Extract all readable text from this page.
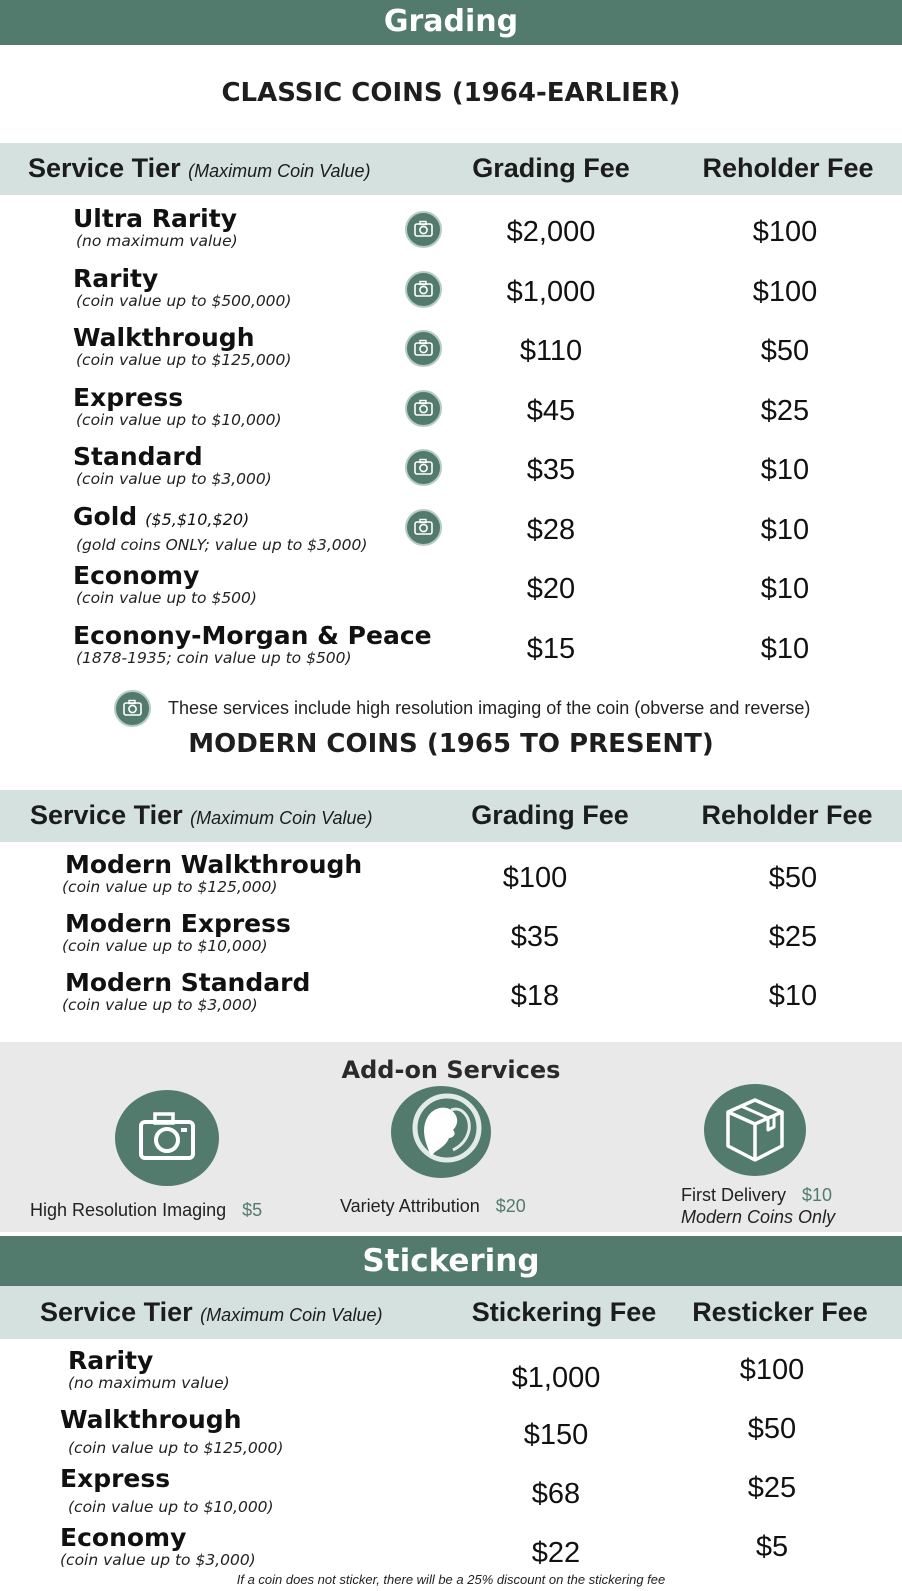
Grading
CLASSIC COINS (1964-EARLIER)
Service Tier (Maximum Coin Value)	Grading Fee	Reholder Fee
Ultra Rarity
(no maximum value)	$2,000	$100
Rarity
(coin value up to $500,000)	$1,000	$100
Walkthrough
(coin value up to $125,000)	$110	$50
Express
(coin value up to $10,000)	$45	$25
Standard
(coin value up to $3,000)	$35	$10
Gold ($5,$10,$20)
(gold coins ONLY; value up to $3,000)	$28	$10
Economy
(coin value up to $500)	$20	$10
Econony-Morgan & Peace
(1878-1935; coin value up to $500)	$15	$10
These services include high resolution imaging of the coin (obverse and reverse)
MODERN COINS (1965 TO PRESENT)
Service Tier (Maximum Coin Value)	Grading Fee	Reholder Fee
Modern Walkthrough
(coin value up to $125,000)	$100	$50
Modern Express
(coin value up to $10,000)	$35	$25
Modern Standard
(coin value up to $3,000)	$18	$10
Add-on Services
High Resolution Imaging $5	Variety Attribution $20
First Delivery $10
Modern Coins Only
Stickering
Service Tier (Maximum Coin Value)	Stickering Fee	Resticker Fee
Rarity
(no maximum value)	$1,000	$100
Walkthrough
(coin value up to $125,000)	$150	$50
Express
(coin value up to $10,000)	$68	$25
Economy
(coin value up to $3,000)	$22	$5
If a coin does not sticker, there will be a 25% discount on the stickering fee
